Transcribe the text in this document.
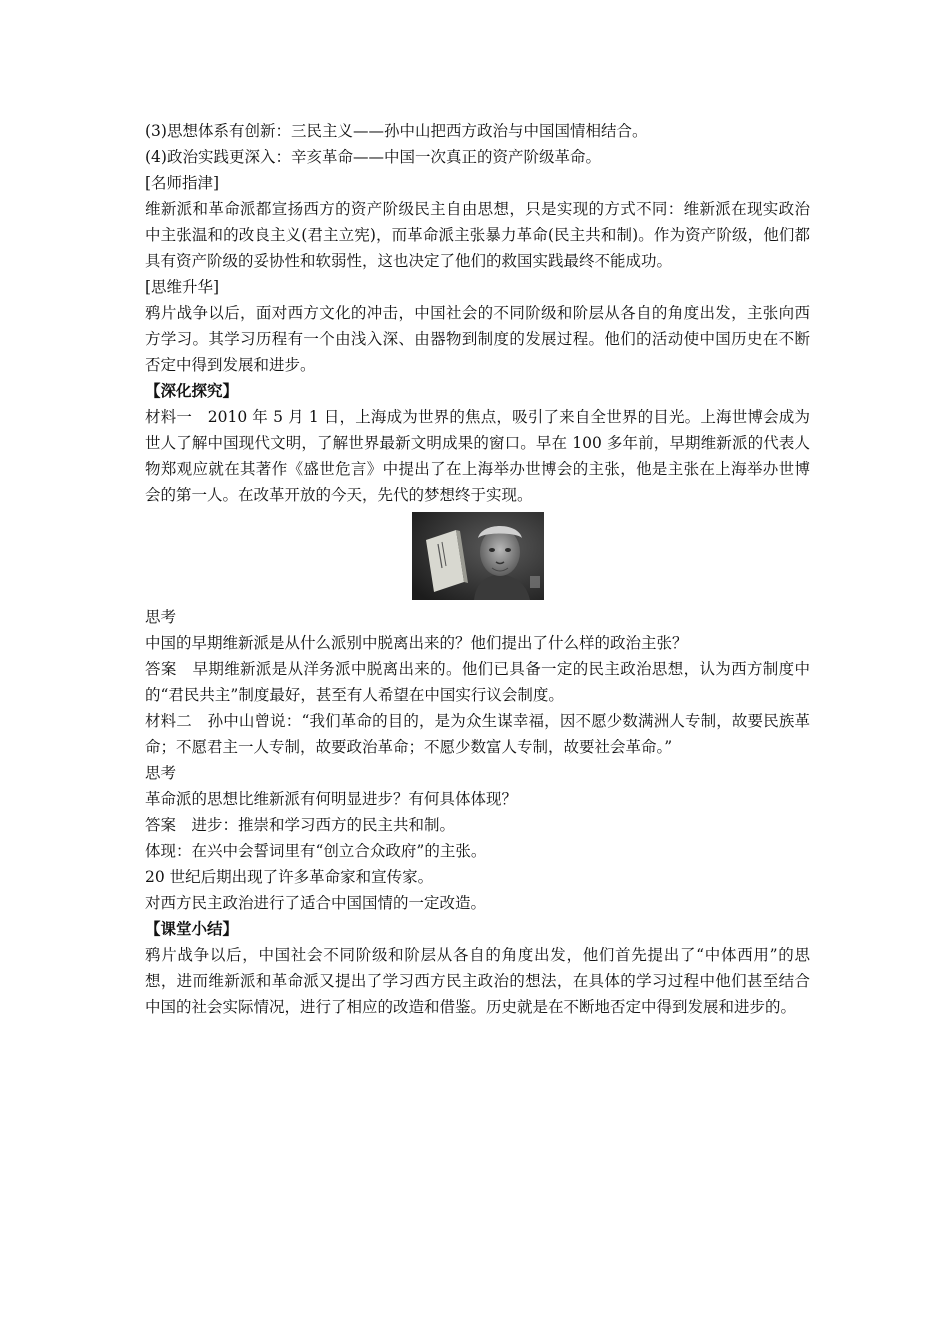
(3)思想体系有创新：三民主义——孙中山把西方政治与中国国情相结合。

(4)政治实践更深入：辛亥革命——中国一次真正的资产阶级革命。

[名师指津]

维新派和革命派都宣扬西方的资产阶级民主自由思想，只是实现的方式不同：维新派在现实政治中主张温和的改良主义(君主立宪)，而革命派主张暴力革命(民主共和制)。作为资产阶级，他们都具有资产阶级的妥协性和软弱性，这也决定了他们的救国实践最终不能成功。

[思维升华]

鸦片战争以后，面对西方文化的冲击，中国社会的不同阶级和阶层从各自的角度出发，主张向西方学习。其学习历程有一个由浅入深、由器物到制度的发展过程。他们的活动使中国历史在不断否定中得到发展和进步。

【深化探究】

材料一　2010 年 5 月 1 日，上海成为世界的焦点，吸引了来自全世界的目光。上海世博会成为世人了解中国现代文明，了解世界最新文明成果的窗口。早在 100 多年前，早期维新派的代表人物郑观应就在其著作《盛世危言》中提出了在上海举办世博会的主张，他是主张在上海举办世博会的第一人。在改革开放的今天，先代的梦想终于实现。

思考

中国的早期维新派是从什么派别中脱离出来的？他们提出了什么样的政治主张？

答案　早期维新派是从洋务派中脱离出来的。他们已具备一定的民主政治思想，认为西方制度中的“君民共主”制度最好，甚至有人希望在中国实行议会制度。

材料二　孙中山曾说：“我们革命的目的，是为众生谋幸福，因不愿少数满洲人专制，故要民族革命；不愿君主一人专制，故要政治革命；不愿少数富人专制，故要社会革命。”

思考

革命派的思想比维新派有何明显进步？有何具体体现？

答案　进步：推崇和学习西方的民主共和制。

体现：在兴中会誓词里有“创立合众政府”的主张。

20 世纪后期出现了许多革命家和宣传家。

对西方民主政治进行了适合中国国情的一定改造。

【课堂小结】

鸦片战争以后，中国社会不同阶级和阶层从各自的角度出发，他们首先提出了“中体西用”的思想，进而维新派和革命派又提出了学习西方民主政治的想法，在具体的学习过程中他们甚至结合中国的社会实际情况，进行了相应的改造和借鉴。历史就是在不断地否定中得到发展和进步的。
